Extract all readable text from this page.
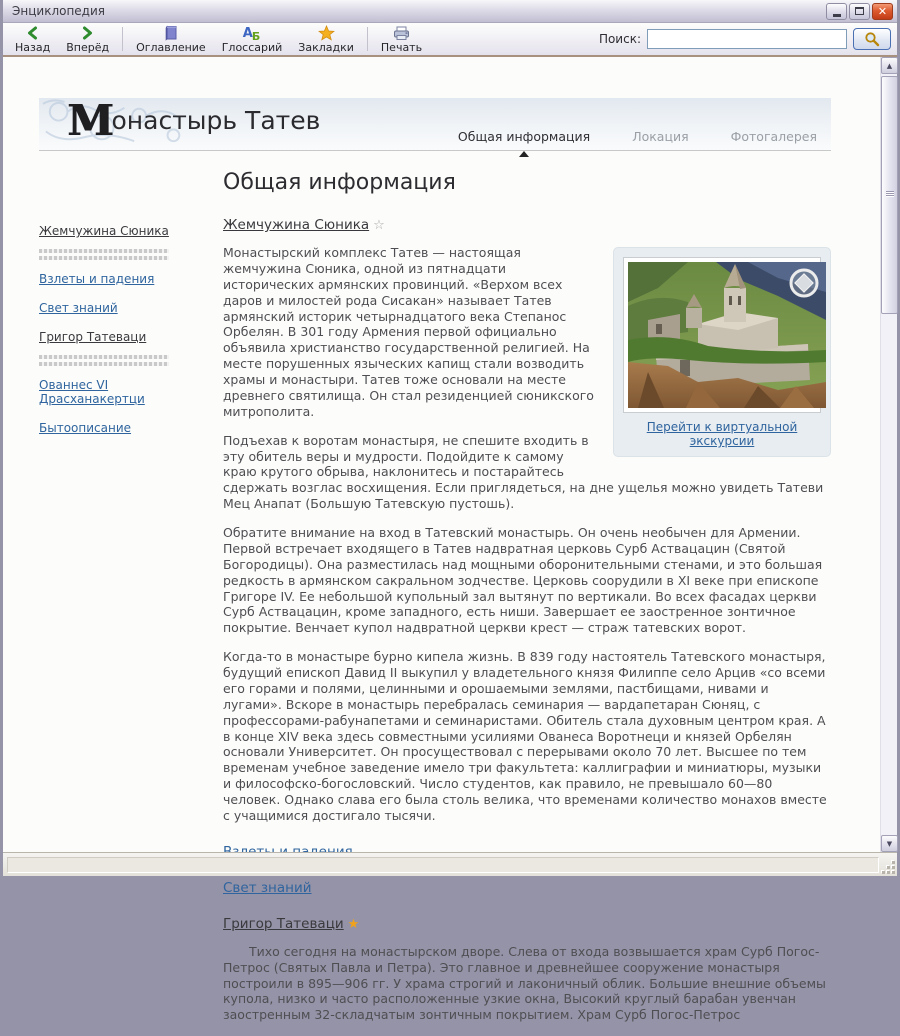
Энциклопедия	✕
Назад Вперёд Оглавление
А Б
Глоссарий Закладки Печать
Поиск:
Монастырь Татев
Общая информация	Локация	Фотогалерея
Жемчужина Сюника
Взлеты и падения
Свет знаний
Григор Татеваци
Ованнес VI Драсханакертци
Бытоописание
Общая информация
Жемчужина Сюника ☆
Перейти к виртуальной экскурсии

Монастырский комплекс Татев — настоящая жемчужина Сюника, одной из пятнадцати исторических армянских провинций. «Верхом всех даров и милостей рода Сисакан» называет Татев армянский историк четырнадцатого века Степанос Орбелян. В 301 году Армения первой официально объявила христианство государственной религией. На месте порушенных языческих капищ стали возводить храмы и монастыри. Татев тоже основали на месте древнего святилища. Он стал резиденцией сюникского митрополита.

Подъехав к воротам монастыря, не спешите входить в эту обитель веры и мудрости. Подойдите к самому краю крутого обрыва, наклонитесь и постарайтесь сдержать возглас восхищения. Если приглядеться, на дне ущелья можно увидеть Татеви Мец Анапат (Большую Татевскую пустошь).

Обратите внимание на вход в Татевский монастырь. Он очень необычен для Армении. Первой встречает входящего в Татев надвратная церковь Сурб Аствацацин (Святой Богородицы). Она разместилась над мощными оборонительными стенами, и это большая редкость в армянском сакральном зодчестве. Церковь соорудили в XI веке при епископе Григоре IV. Ее небольшой купольный зал вытянут по вертикали. Во всех фасадах церкви Сурб Аствацацин, кроме западного, есть ниши. Завершает ее заостренное зонтичное покрытие. Венчает купол надвратной церкви крест — страж татевских ворот.

Когда-то в монастыре бурно кипела жизнь. В 839 году настоятель Татевского монастыря, будущий епископ Давид II выкупил у владетельного князя Филиппе село Арцив «со всеми его горами и полями, целинными и орошаемыми землями, пастбищами, нивами и лугами». Вскоре в монастырь перебралась семинария — вардапетаран Сюняц, с профессорами-рабунапетами и семинаристами. Обитель стала духовным центром края. А в конце XIV века здесь совместными усилиями Ованеса Воротнеци и князей Орбелян основали Университет. Он просуществовал с перерывами около 70 лет. Высшее по тем временам учебное заведение имело три факультета: каллиграфии и миниатюры, музыки и философско-богословский. Число студентов, как правило, не превышало 60—80 человек. Однако слава его была столь велика, что временами количество монахов вместе с учащимися достигало тысячи.

Свет знаний
Григор Татеваци ★

Тихо сегодня на монастырском дворе. Слева от входа возвышается храм Сурб Погос-Петрос (Святых Павла и Петра). Это главное и древнейшее сооружение монастыря построили в 895—906 гг. У храма строгий и лаконичный облик. Большие внешние объемы купола, низко и часто расположенные узкие окна, Высокий круглый барабан увенчан заостренным 32-складчатым зонтичным покрытием. Храм Сурб Погос-Петрос

▲
▼
